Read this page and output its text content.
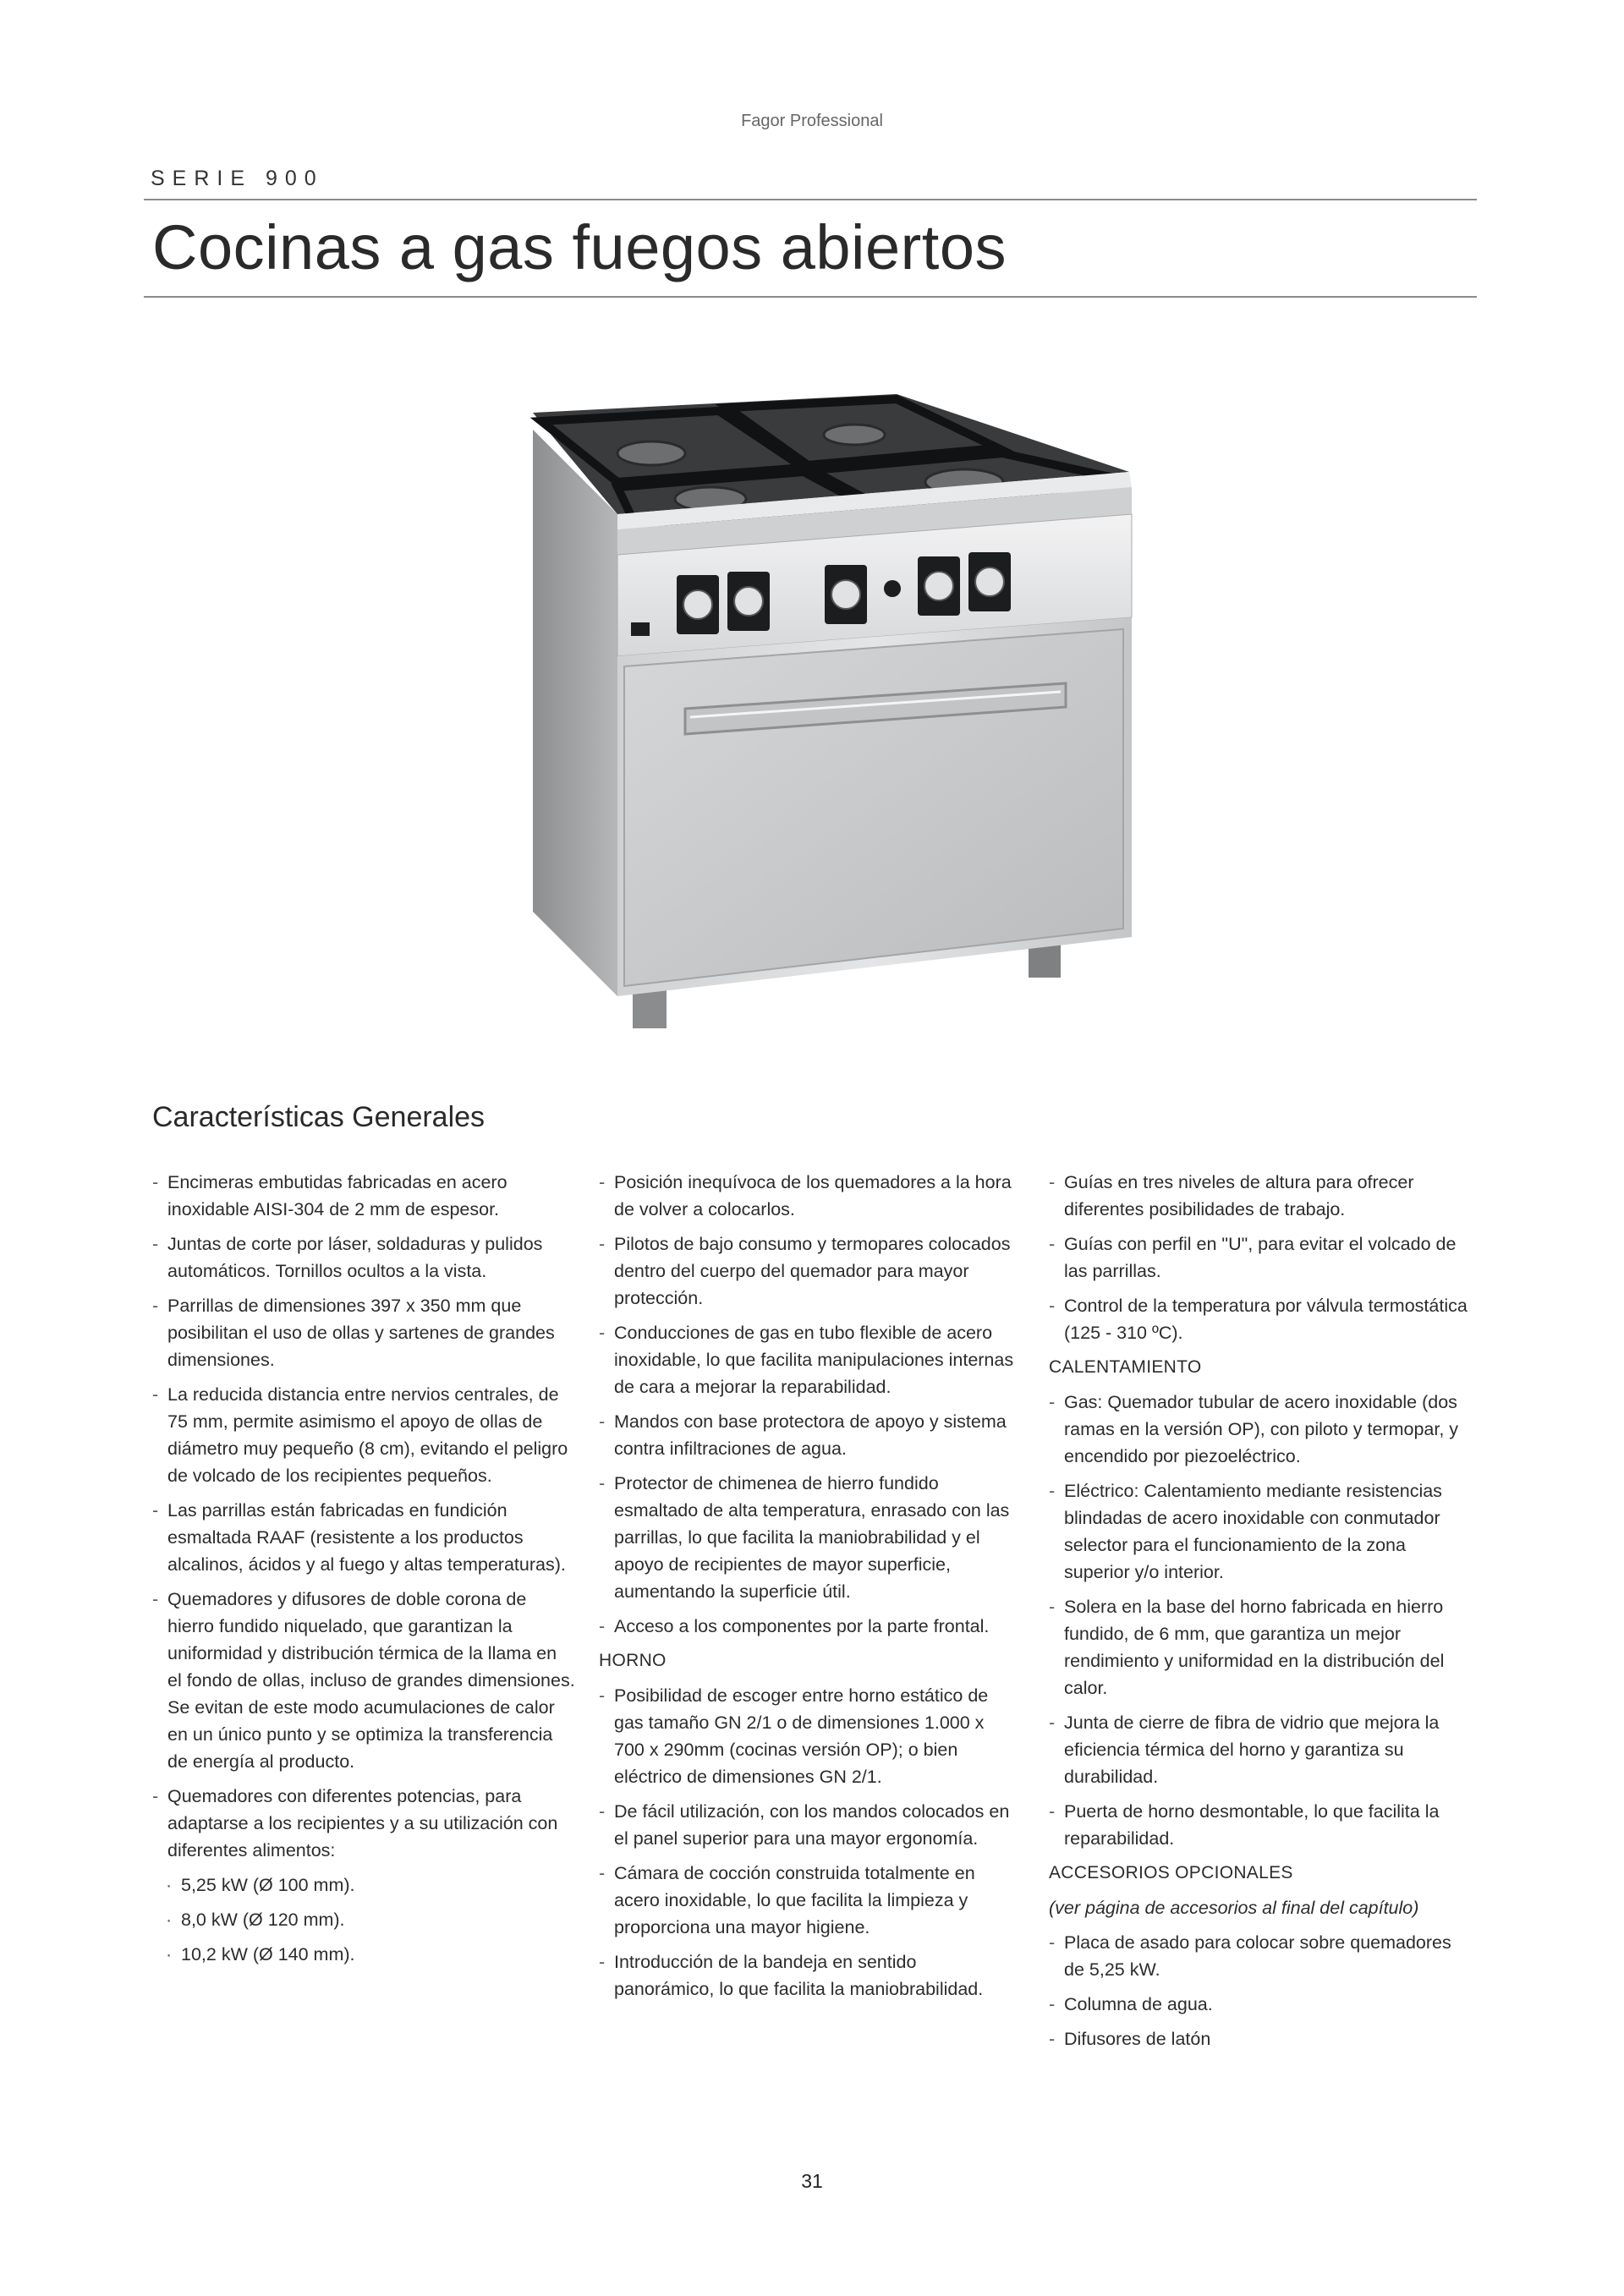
Fagor Professional
SERIE 900
Cocinas a gas fuegos abiertos
Características Generales
- Encimeras embutidas fabricadas en acero inoxidable AISI-304 de 2 mm de espesor.
- Juntas de corte por láser, soldaduras y pulidos automáticos. Tornillos ocultos a la vista.
- Parrillas de dimensiones 397 x 350 mm que posibilitan el uso de ollas y sartenes de grandes dimensiones.
- La reducida distancia entre nervios centrales, de 75 mm, permite asimismo el apoyo de ollas de diámetro muy pequeño (8 cm), evitando el peligro de volcado de los recipientes pequeños.
- Las parrillas están fabricadas en fundición esmaltada RAAF (resistente a los productos alcalinos, ácidos y al fuego y altas temperaturas).
- Quemadores y difusores de doble corona de hierro fundido niquelado, que garantizan la uniformidad y distribución térmica de la llama en el fondo de ollas, incluso de grandes dimensiones. Se evitan de este modo acumulaciones de calor en un único punto y se optimiza la transferencia de energía al producto.
- Quemadores con diferentes potencias, para adaptarse a los recipientes y a su utilización con diferentes alimentos:
· 5,25 kW (Ø 100 mm).
· 8,0 kW (Ø 120 mm).
· 10,2 kW (Ø 140 mm).
- Posición inequívoca de los quemadores a la hora de volver a colocarlos.
- Pilotos de bajo consumo y termopares colocados dentro del cuerpo del quemador para mayor protección.
- Conducciones de gas en tubo flexible de acero inoxidable, lo que facilita manipulaciones internas de cara a mejorar la reparabilidad.
- Mandos con base protectora de apoyo y sistema contra infiltraciones de agua.
- Protector de chimenea de hierro fundido esmaltado de alta temperatura, enrasado con las parrillas, lo que facilita la maniobrabilidad y el apoyo de recipientes de mayor superficie, aumentando la superficie útil.
- Acceso a los componentes por la parte frontal.
HORNO
- Posibilidad de escoger entre horno estático de gas tamaño GN 2/1 o de dimensiones 1.000 x 700 x 290mm (cocinas versión OP); o bien eléctrico de dimensiones GN 2/1.
- De fácil utilización, con los mandos colocados en el panel superior para una mayor ergonomía.
- Cámara de cocción construida totalmente en acero inoxidable, lo que facilita la limpieza y proporciona una mayor higiene.
- Introducción de la bandeja en sentido panorámico, lo que facilita la maniobrabilidad.
- Guías en tres niveles de altura para ofrecer diferentes posibilidades de trabajo.
- Guías con perfil en "U", para evitar el volcado de las parrillas.
- Control de la temperatura por válvula termostática (125 - 310 ºC).
CALENTAMIENTO
- Gas: Quemador tubular de acero inoxidable (dos ramas en la versión OP), con piloto y termopar, y encendido por piezoeléctrico.
- Eléctrico: Calentamiento mediante resistencias blindadas de acero inoxidable con conmutador selector para el funcionamiento de la zona superior y/o interior.
- Solera en la base del horno fabricada en hierro fundido, de 6 mm, que garantiza un mejor rendimiento y uniformidad en la distribución del calor.
- Junta de cierre de fibra de vidrio que mejora la eficiencia térmica del horno y garantiza su durabilidad.
- Puerta de horno desmontable, lo que facilita la reparabilidad.
ACCESORIOS OPCIONALES
(ver página de accesorios al final del capítulo)
- Placa de asado para colocar sobre quemadores de 5,25 kW.
- Columna de agua.
- Difusores de latón
31
